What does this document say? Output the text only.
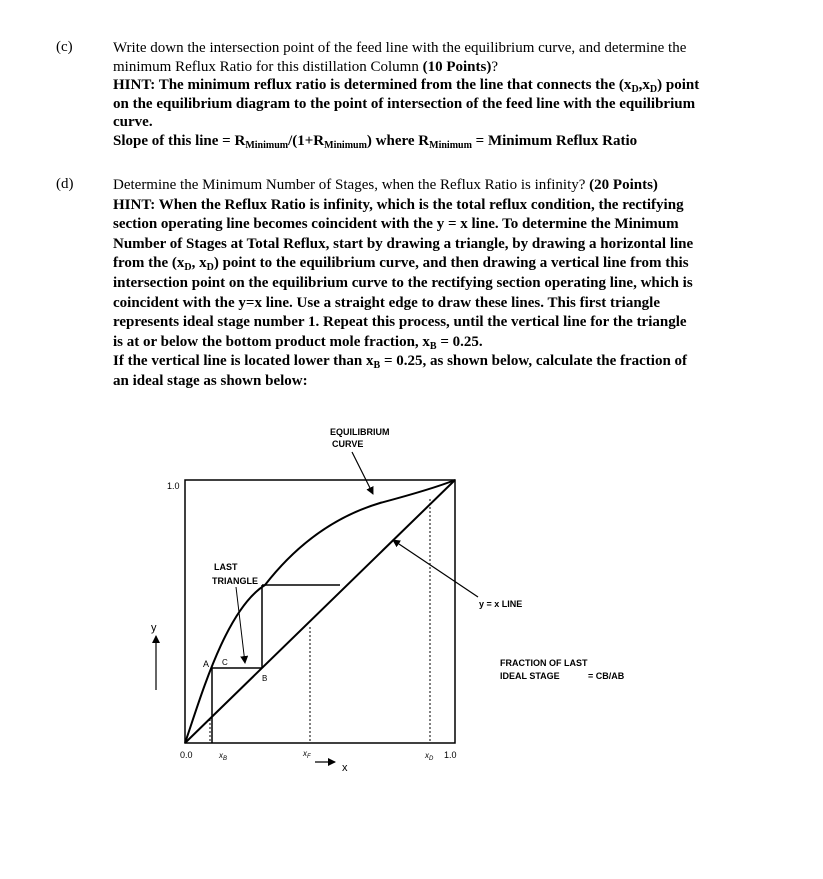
(c)	Write down the intersection point of the feed line with the equilibrium curve, and determine the
minimum Reflux Ratio for this distillation Column (10 Points)?
HINT: The minimum reflux ratio is determined from the line that connects the $(x_D,x_D)$ point
on the equilibrium diagram to the point of intersection of the feed line with the equilibrium
curve.
Slope of this line = $R_{Minimum}/(1+R_{Minimum})$ where $R_{Minimum}$ = Minimum Reflux Ratio
(d)	Determine the Minimum Number of Stages, when the Reflux Ratio is infinity? (20 Points)
HINT: When the Reflux Ratio is infinity, which is the total reflux condition, the rectifying
section operating line becomes coincident with the y = x line. To determine the Minimum
Number of Stages at Total Reflux, start by drawing a triangle, by drawing a horizontal line
from the ($x_D$, $x_D$) point to the equilibrium curve, and then drawing a vertical line from this
intersection point on the equilibrium curve to the rectifying section operating line, which is
coincident with the y=x line. Use a straight edge to draw these lines. This first triangle
represents ideal stage number 1. Repeat this process, until the vertical line for the triangle
is at or below the bottom product mole fraction, $x_B = 0.25$.
If the vertical line is located lower than $x_B = 0.25$, as shown below, calculate the fraction of
an ideal stage as shown below:
EQUILIBRIUM
CURVE
LAST
TRIANGLE
y = x LINE
FRACTION OF LAST
IDEAL STAGE	= CB/AB
1.0
0.0	1.0
y
x
$x_B$
$x_F$	$x_D$
A
B
C
